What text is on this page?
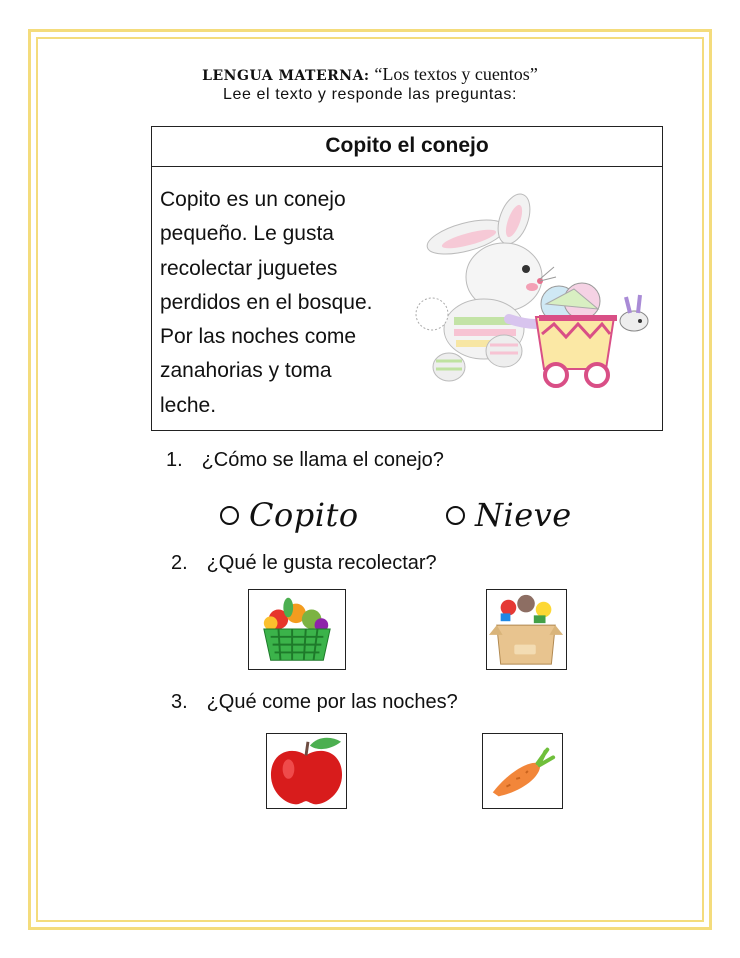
LENGUA MATERNA: “Los textos y cuentos”
Lee el texto y responde las preguntas:
Copito el conejo
Copito es un conejo
pequeño. Le gusta
recolectar juguetes
perdidos en el bosque.
Por las noches come
zanahorias y toma
leche.
1. ¿Cómo se llama el conejo?
Copito	Nieve
2. ¿Qué le gusta recolectar?
3. ¿Qué come por las noches?
